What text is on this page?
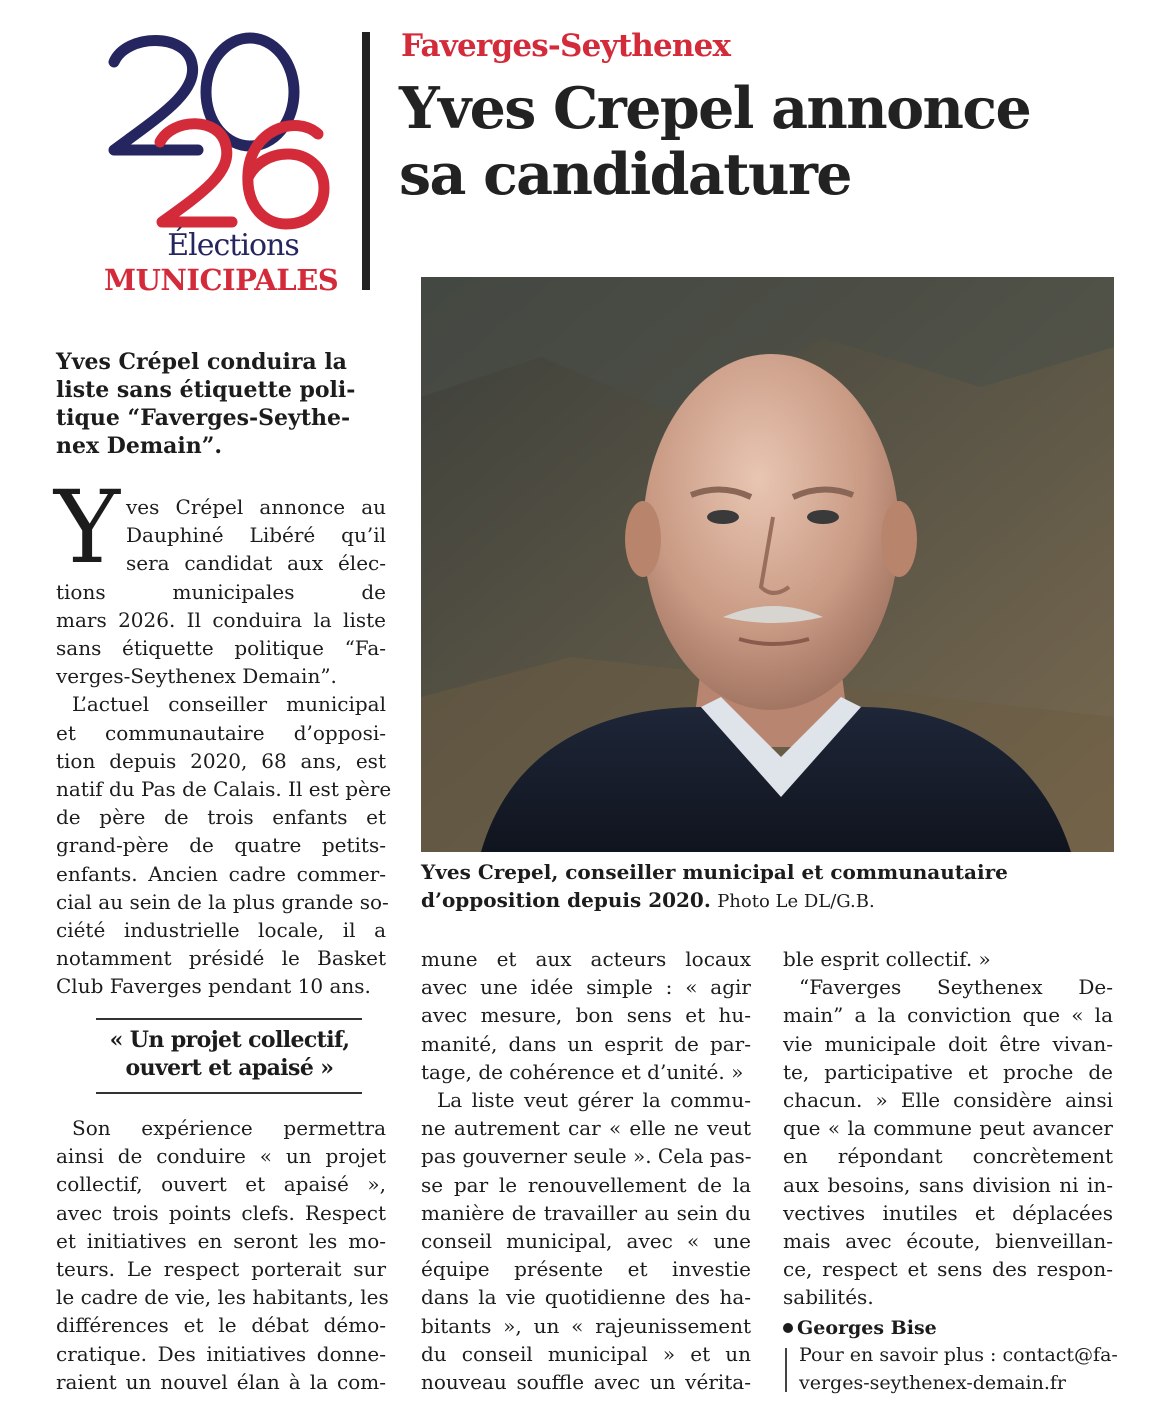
Élections
MUNICIPALES
Faverges-Seythenex
Yves Crepel annonce
sa candidature
Yves Crepel, conseiller municipal et communautaire
d’opposition depuis 2020. Photo Le DL/G.B.
Yves Crépel conduira la
liste sans étiquette poli-
tique “Faverges-Seythe-
nex Demain”.
Y ves Crépel annonce au
Dauphiné Libéré qu’il
sera candidat aux élec-
tions municipales de
mars 2026. Il conduira la liste
sans étiquette politique “Fa-
verges-Seythenex Demain”.
L’actuel conseiller municipal
et communautaire d’opposi-
tion depuis 2020, 68 ans, est
natif du Pas de Calais. Il est père
de père de trois enfants et
grand-père de quatre petits-
enfants. Ancien cadre commer-
cial au sein de la plus grande so-
ciété industrielle locale, il a
notamment présidé le Basket
Club Faverges pendant 10 ans.
« Un projet collectif,
ouvert et apaisé »
Son expérience permettra
ainsi de conduire « un projet
collectif, ouvert et apaisé »,
avec trois points clefs. Respect
et initiatives en seront les mo-
teurs. Le respect porterait sur
le cadre de vie, les habitants, les
différences et le débat démo-
cratique. Des initiatives donne-
raient un nouvel élan à la com-
mune et aux acteurs locaux
avec une idée simple : « agir
avec mesure, bon sens et hu-
manité, dans un esprit de par-
tage, de cohérence et d’unité. »
La liste veut gérer la commu-
ne autrement car « elle ne veut
pas gouverner seule ». Cela pas-
se par le renouvellement de la
manière de travailler au sein du
conseil municipal, avec « une
équipe présente et investie
dans la vie quotidienne des ha-
bitants », un « rajeunissement
du conseil municipal » et un
nouveau souffle avec un vérita-
ble esprit collectif. »
“Faverges Seythenex De-
main” a la conviction que « la
vie municipale doit être vivan-
te, participative et proche de
chacun. » Elle considère ainsi
que « la commune peut avancer
en répondant concrètement
aux besoins, sans division ni in-
vectives inutiles et déplacées
mais avec écoute, bienveillan-
ce, respect et sens des respon-
sabilités.
Georges Bise
Pour en savoir plus : contact@fa-
verges-seythenex-demain.fr
